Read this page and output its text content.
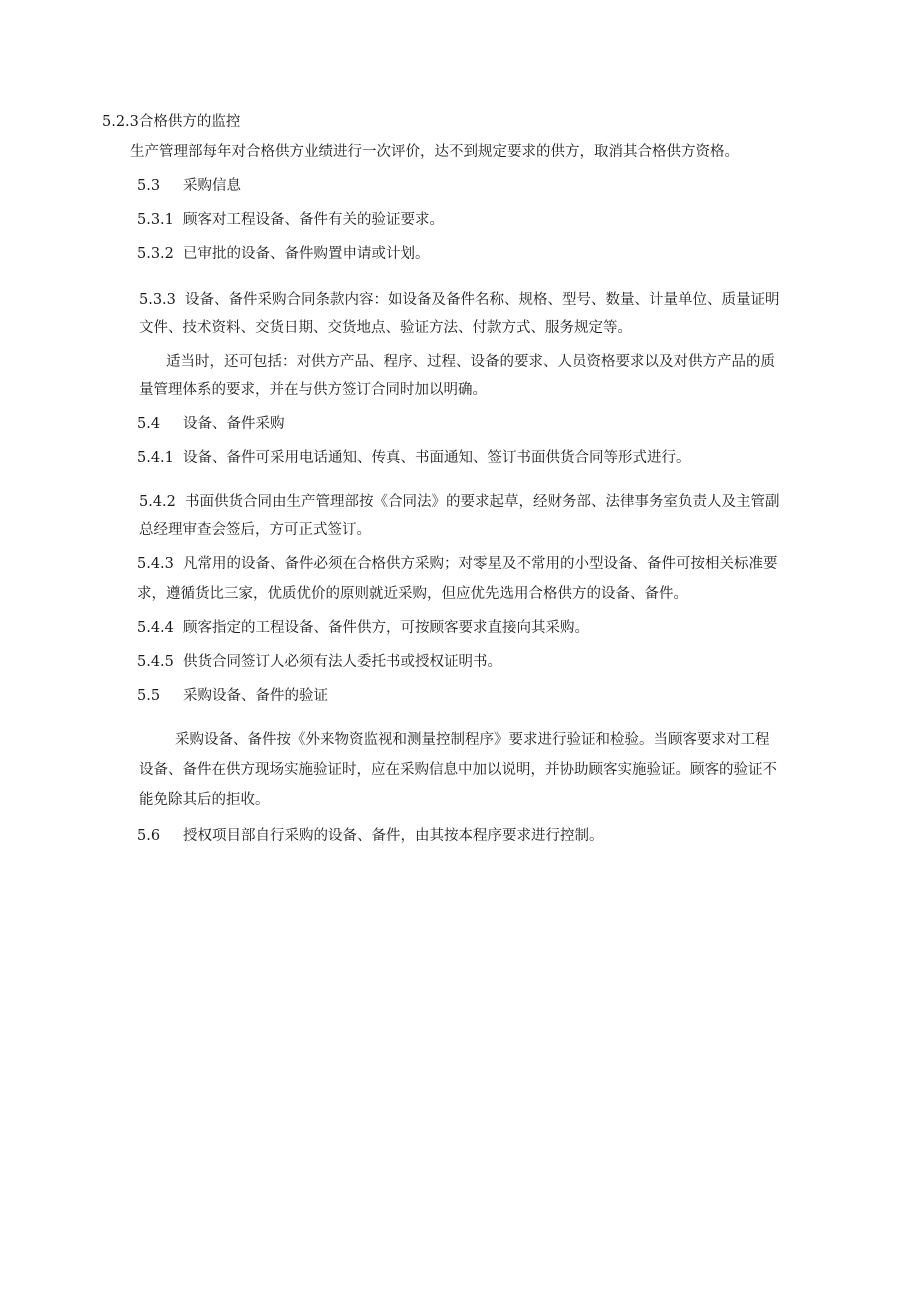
5.2.3合格供方的监控
生产管理部每年对合格供方业绩进行一次评价，达不到规定要求的供方，取消其合格供方资格。
5.3 采购信息
5.3.1 顾客对工程设备、备件有关的验证要求。
5.3.2 已审批的设备、备件购置申请或计划。
5.3.3 设备、备件采购合同条款内容：如设备及备件名称、规格、型号、数量、计量单位、质量证明
文件、技术资料、交货日期、交货地点、验证方法、付款方式、服务规定等。
适当时，还可包括：对供方产品、程序、过程、设备的要求、人员资格要求以及对供方产品的质
量管理体系的要求，并在与供方签订合同时加以明确。
5.4 设备、备件采购
5.4.1 设备、备件可采用电话通知、传真、书面通知、签订书面供货合同等形式进行。
5.4.2 书面供货合同由生产管理部按《合同法》的要求起草，经财务部、法律事务室负责人及主管副
总经理审查会签后，方可正式签订。
5.4.3 凡常用的设备、备件必须在合格供方采购；对零星及不常用的小型设备、备件可按相关标准要
求，遵循货比三家，优质优价的原则就近采购，但应优先选用合格供方的设备、备件。
5.4.4 顾客指定的工程设备、备件供方，可按顾客要求直接向其采购。
5.4.5 供货合同签订人必须有法人委托书或授权证明书。
5.5 采购设备、备件的验证
采购设备、备件按《外来物资监视和测量控制程序》要求进行验证和检验。当顾客要求对工程
设备、备件在供方现场实施验证时，应在采购信息中加以说明，并协助顾客实施验证。顾客的验证不
能免除其后的拒收。
5.6 授权项目部自行采购的设备、备件，由其按本程序要求进行控制。
